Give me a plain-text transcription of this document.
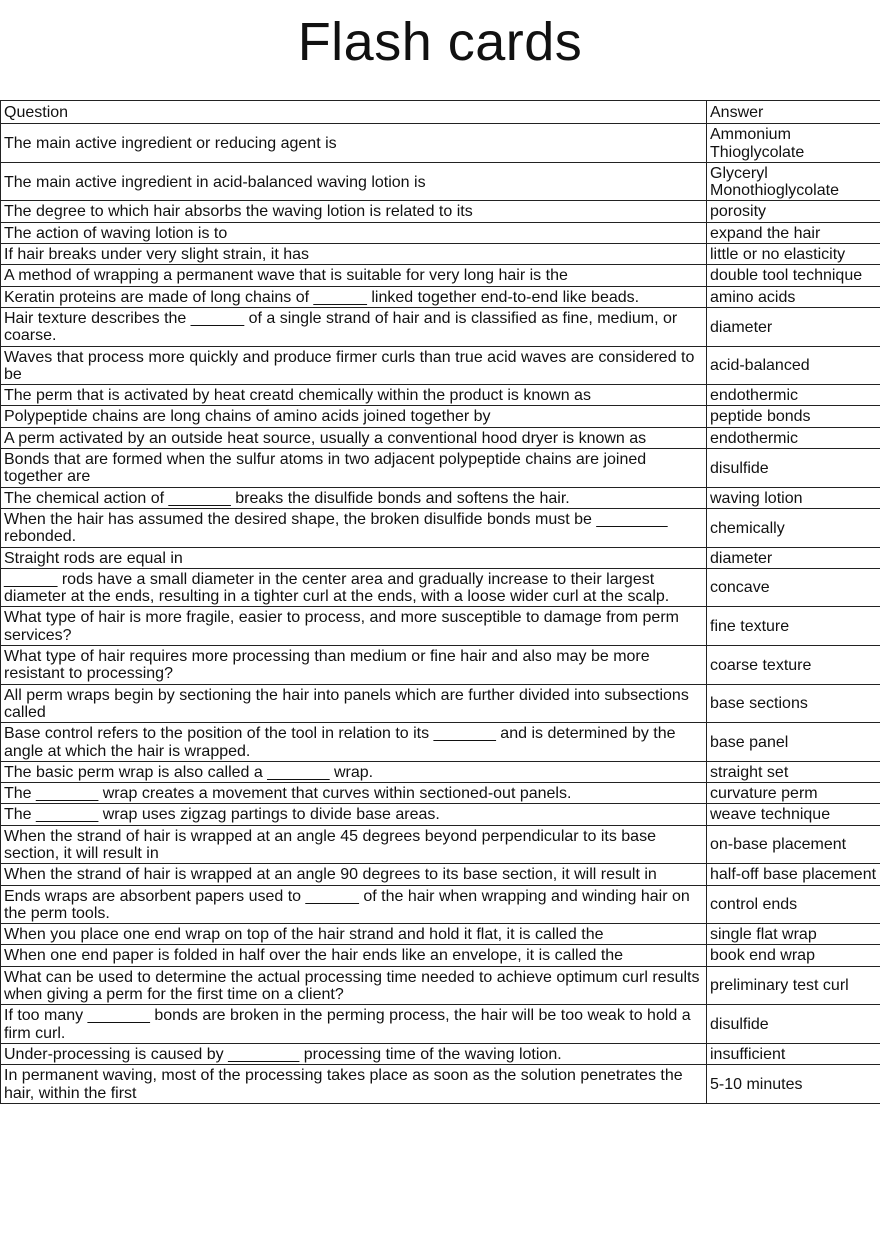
Flash cards
Question	Answer
The main active ingredient or reducing agent is	Ammonium Thioglycolate
The main active ingredient in acid-balanced waving lotion is	Glyceryl Monothioglycolate
The degree to which hair absorbs the waving lotion is related to its	porosity
The action of waving lotion is to	expand the hair
If hair breaks under very slight strain, it has	little or no elasticity
A method of wrapping a permanent wave that is suitable for very long hair is the	double tool technique
Keratin proteins are made of long chains of ______ linked together end-to-end like beads.	amino acids
Hair texture describes the ______ of a single strand of hair and is classified as fine, medium, or coarse.	diameter
Waves that process more quickly and produce firmer curls than true acid waves are considered to be	acid-balanced
The perm that is activated by heat creatd chemically within the product is known as	endothermic
Polypeptide chains are long chains of amino acids joined together by	peptide bonds
A perm activated by an outside heat source, usually a conventional hood dryer is known as	endothermic
Bonds that are formed when the sulfur atoms in two adjacent polypeptide chains are joined together are	disulfide
The chemical action of _______ breaks the disulfide bonds and softens the hair.	waving lotion
When the hair has assumed the desired shape, the broken disulfide bonds must be ________ rebonded.	chemically
Straight rods are equal in	diameter
______ rods have a small diameter in the center area and gradually increase to their largest diameter at the ends, resulting in a tighter curl at the ends, with a loose wider curl at the scalp.	concave
What type of hair is more fragile, easier to process, and more susceptible to damage from perm services?	fine texture
What type of hair requires more processing than medium or fine hair and also may be more resistant to processing?	coarse texture
All perm wraps begin by sectioning the hair into panels which are further divided into subsections called	base sections
Base control refers to the position of the tool in relation to its _______ and is determined by the angle at which the hair is wrapped.	base panel
The basic perm wrap is also called a _______ wrap.	straight set
The _______ wrap creates a movement that curves within sectioned-out panels.	curvature perm
The _______ wrap uses zigzag partings to divide base areas.	weave technique
When the strand of hair is wrapped at an angle 45 degrees beyond perpendicular to its base section, it will result in	on-base placement
When the strand of hair is wrapped at an angle 90 degrees to its base section, it will result in	half-off base placement
Ends wraps are absorbent papers used to ______ of the hair when wrapping and winding hair on the perm tools.	control ends
When you place one end wrap on top of the hair strand and hold it flat, it is called the	single flat wrap
When one end paper is folded in half over the hair ends like an envelope, it is called the	book end wrap
What can be used to determine the actual processing time needed to achieve optimum curl results when giving a perm for the first time on a client?	preliminary test curl
If too many _______ bonds are broken in the perming process, the hair will be too weak to hold a firm curl.	disulfide
Under-processing is caused by ________ processing time of the waving lotion.	insufficient
In permanent waving, most of the processing takes place as soon as the solution penetrates the hair, within the first	5-10 minutes
